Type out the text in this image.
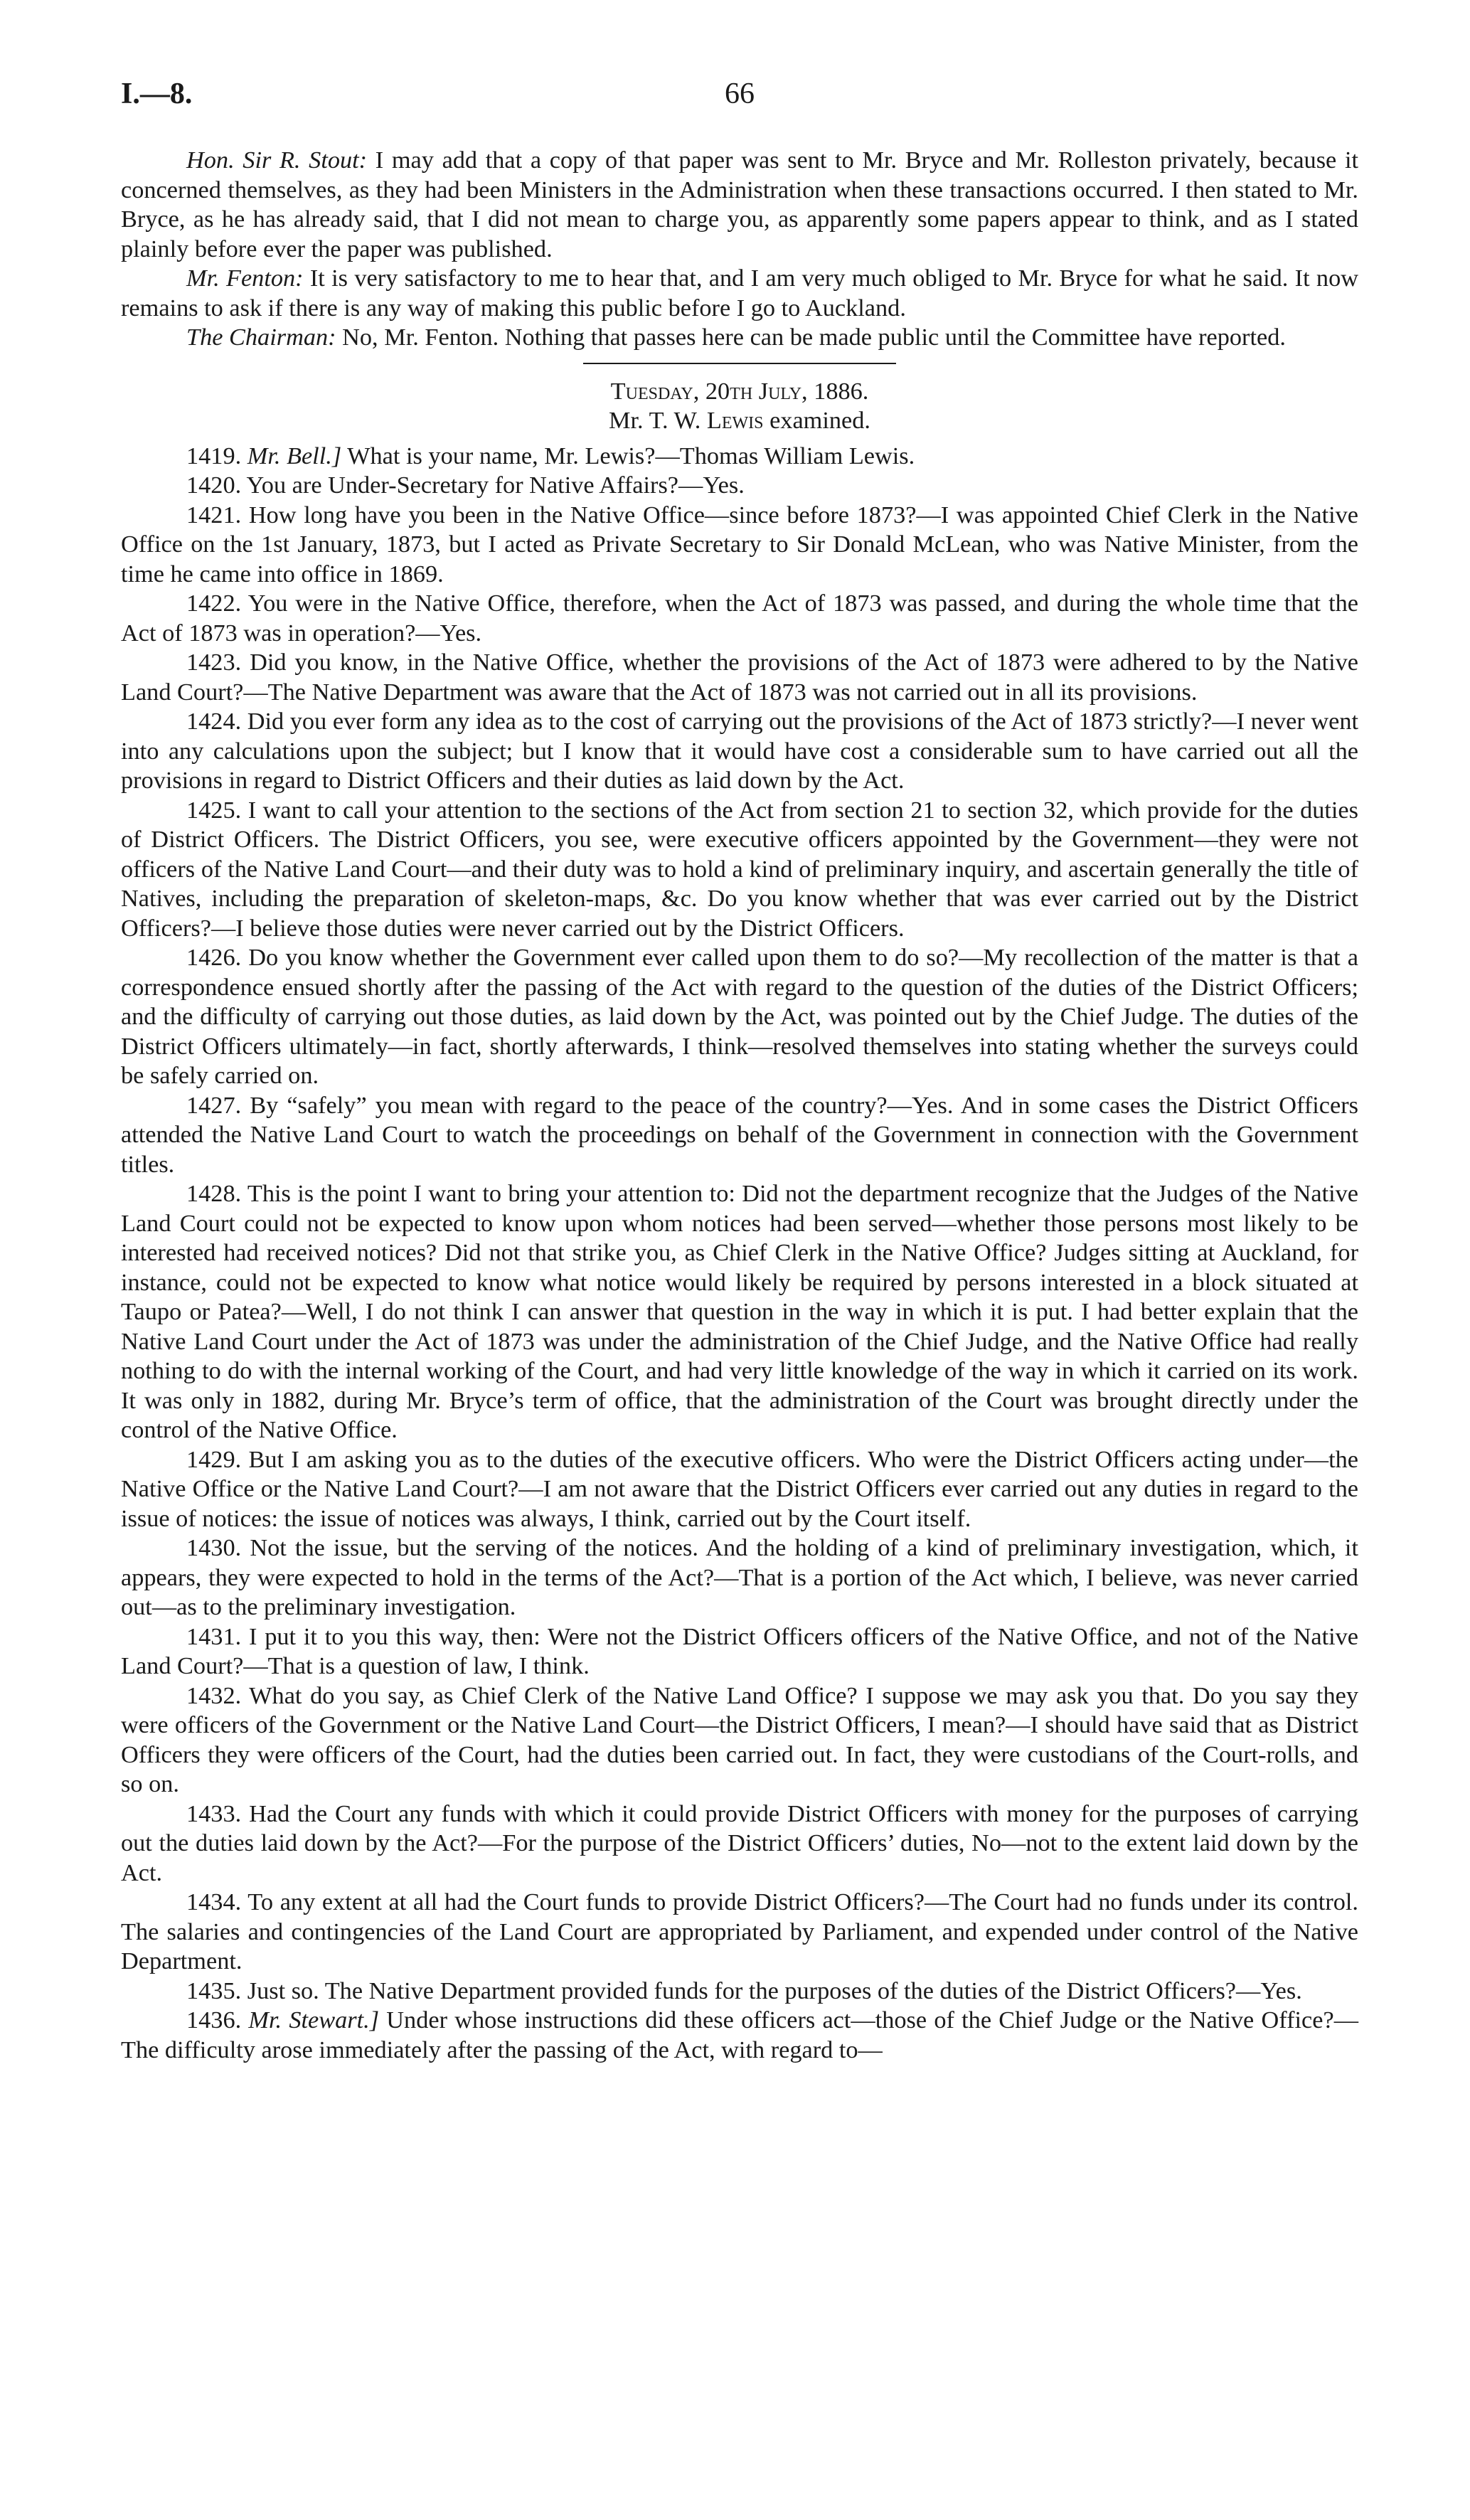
I.—8.	66

Hon. Sir R. Stout: I may add that a copy of that paper was sent to Mr. Bryce and Mr. Rolleston privately, because it concerned themselves, as they had been Ministers in the Administration when these transactions occurred. I then stated to Mr. Bryce, as he has already said, that I did not mean to charge you, as apparently some papers appear to think, and as I stated plainly before ever the paper was published.

Mr. Fenton: It is very satisfactory to me to hear that, and I am very much obliged to Mr. Bryce for what he said. It now remains to ask if there is any way of making this public before I go to Auckland.

The Chairman: No, Mr. Fenton. Nothing that passes here can be made public until the Committee have reported.

Tuesday, 20th July, 1886.
Mr. T. W. Lewis examined.

1419. Mr. Bell.] What is your name, Mr. Lewis?—Thomas William Lewis.

1420. You are Under-Secretary for Native Affairs?—Yes.

1421. How long have you been in the Native Office—since before 1873?—I was appointed Chief Clerk in the Native Office on the 1st January, 1873, but I acted as Private Secretary to Sir Donald McLean, who was Native Minister, from the time he came into office in 1869.

1422. You were in the Native Office, therefore, when the Act of 1873 was passed, and during the whole time that the Act of 1873 was in operation?—Yes.

1423. Did you know, in the Native Office, whether the provisions of the Act of 1873 were adhered to by the Native Land Court?—The Native Department was aware that the Act of 1873 was not carried out in all its provisions.

1424. Did you ever form any idea as to the cost of carrying out the provisions of the Act of 1873 strictly?—I never went into any calculations upon the subject; but I know that it would have cost a considerable sum to have carried out all the provisions in regard to District Officers and their duties as laid down by the Act.

1425. I want to call your attention to the sections of the Act from section 21 to section 32, which provide for the duties of District Officers. The District Officers, you see, were executive officers appointed by the Government—they were not officers of the Native Land Court—and their duty was to hold a kind of preliminary inquiry, and ascertain generally the title of Natives, including the preparation of skeleton-maps, &c. Do you know whether that was ever carried out by the District Officers?—I believe those duties were never carried out by the District Officers.

1426. Do you know whether the Government ever called upon them to do so?—My recollection of the matter is that a correspondence ensued shortly after the passing of the Act with regard to the question of the duties of the District Officers; and the difficulty of carrying out those duties, as laid down by the Act, was pointed out by the Chief Judge. The duties of the District Officers ultimately—in fact, shortly afterwards, I think—resolved themselves into stating whether the surveys could be safely carried on.

1427. By “safely” you mean with regard to the peace of the country?—Yes. And in some cases the District Officers attended the Native Land Court to watch the proceedings on behalf of the Government in connection with the Government titles.

1428. This is the point I want to bring your attention to: Did not the department recognize that the Judges of the Native Land Court could not be expected to know upon whom notices had been served—whether those persons most likely to be interested had received notices? Did not that strike you, as Chief Clerk in the Native Office? Judges sitting at Auckland, for instance, could not be expected to know what notice would likely be required by persons interested in a block situated at Taupo or Patea?—Well, I do not think I can answer that question in the way in which it is put. I had better explain that the Native Land Court under the Act of 1873 was under the administration of the Chief Judge, and the Native Office had really nothing to do with the internal working of the Court, and had very little knowledge of the way in which it carried on its work. It was only in 1882, during Mr. Bryce’s term of office, that the administration of the Court was brought directly under the control of the Native Office.

1429. But I am asking you as to the duties of the executive officers. Who were the District Officers acting under—the Native Office or the Native Land Court?—I am not aware that the District Officers ever carried out any duties in regard to the issue of notices: the issue of notices was always, I think, carried out by the Court itself.

1430. Not the issue, but the serving of the notices. And the holding of a kind of preliminary investigation, which, it appears, they were expected to hold in the terms of the Act?—That is a portion of the Act which, I believe, was never carried out—as to the preliminary investigation.

1431. I put it to you this way, then: Were not the District Officers officers of the Native Office, and not of the Native Land Court?—That is a question of law, I think.

1432. What do you say, as Chief Clerk of the Native Land Office? I suppose we may ask you that. Do you say they were officers of the Government or the Native Land Court—the District Officers, I mean?—I should have said that as District Officers they were officers of the Court, had the duties been carried out. In fact, they were custodians of the Court-rolls, and so on.

1433. Had the Court any funds with which it could provide District Officers with money for the purposes of carrying out the duties laid down by the Act?—For the purpose of the District Officers’ duties, No—not to the extent laid down by the Act.

1434. To any extent at all had the Court funds to provide District Officers?—The Court had no funds under its control. The salaries and contingencies of the Land Court are appropriated by Parliament, and expended under control of the Native Department.

1435. Just so. The Native Department provided funds for the purposes of the duties of the District Officers?—Yes.

1436. Mr. Stewart.] Under whose instructions did these officers act—those of the Chief Judge or the Native Office?—The difficulty arose immediately after the passing of the Act, with regard to—
